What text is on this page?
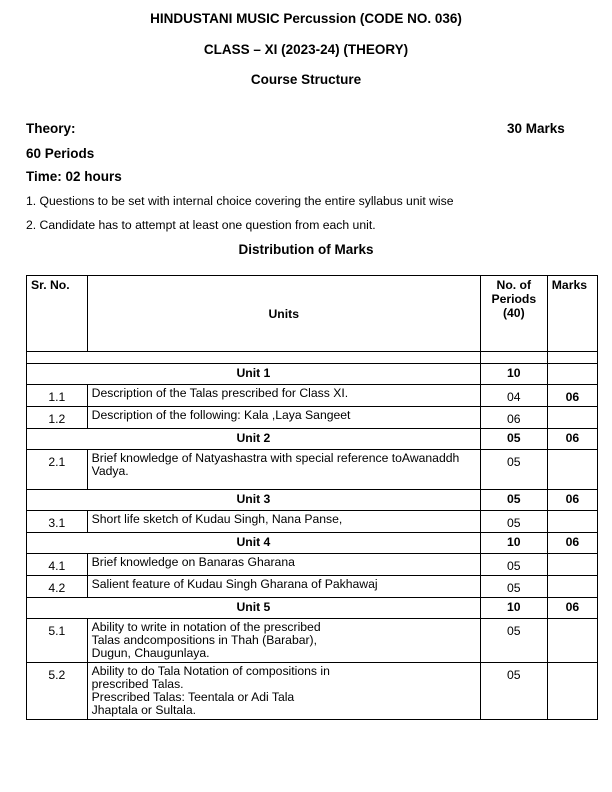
HINDUSTANI MUSIC Percussion (CODE NO. 036)
CLASS – XI (2023-24) (THEORY)
Course Structure
Theory:	30 Marks
60 Periods
Time: 02 hours
1. Questions to be set with internal choice covering the entire syllabus unit wise
2. Candidate has to attempt at least one question from each unit.
Distribution of Marks
Sr. No.	Units	No. of Periods (40)	Marks

Unit 1		10	
1.1	Description of the Talas prescribed for Class XI.	04	06
1.2	Description of the following: Kala ,Laya Sangeet	06	
Unit 2		05	06
2.1	Brief knowledge of Natyashastra with special reference toAwanaddh Vadya.	05	
Unit 3		05	06
3.1	Short life sketch of Kudau Singh, Nana Panse,	05	
Unit 4		10	06
4.1	Brief knowledge on Banaras Gharana	05	
4.2	Salient feature of Kudau Singh Gharana of Pakhawaj	05	
Unit 5		10	06
5.1	Ability to write in notation of the prescribed
Talas andcompositions in Thah (Barabar),
Dugun, Chaugunlaya.	05	
5.2	Ability to do Tala Notation of compositions in
prescribed Talas.
Prescribed Talas: Teentala or Adi Tala
Jhaptala or Sultala.	05	
